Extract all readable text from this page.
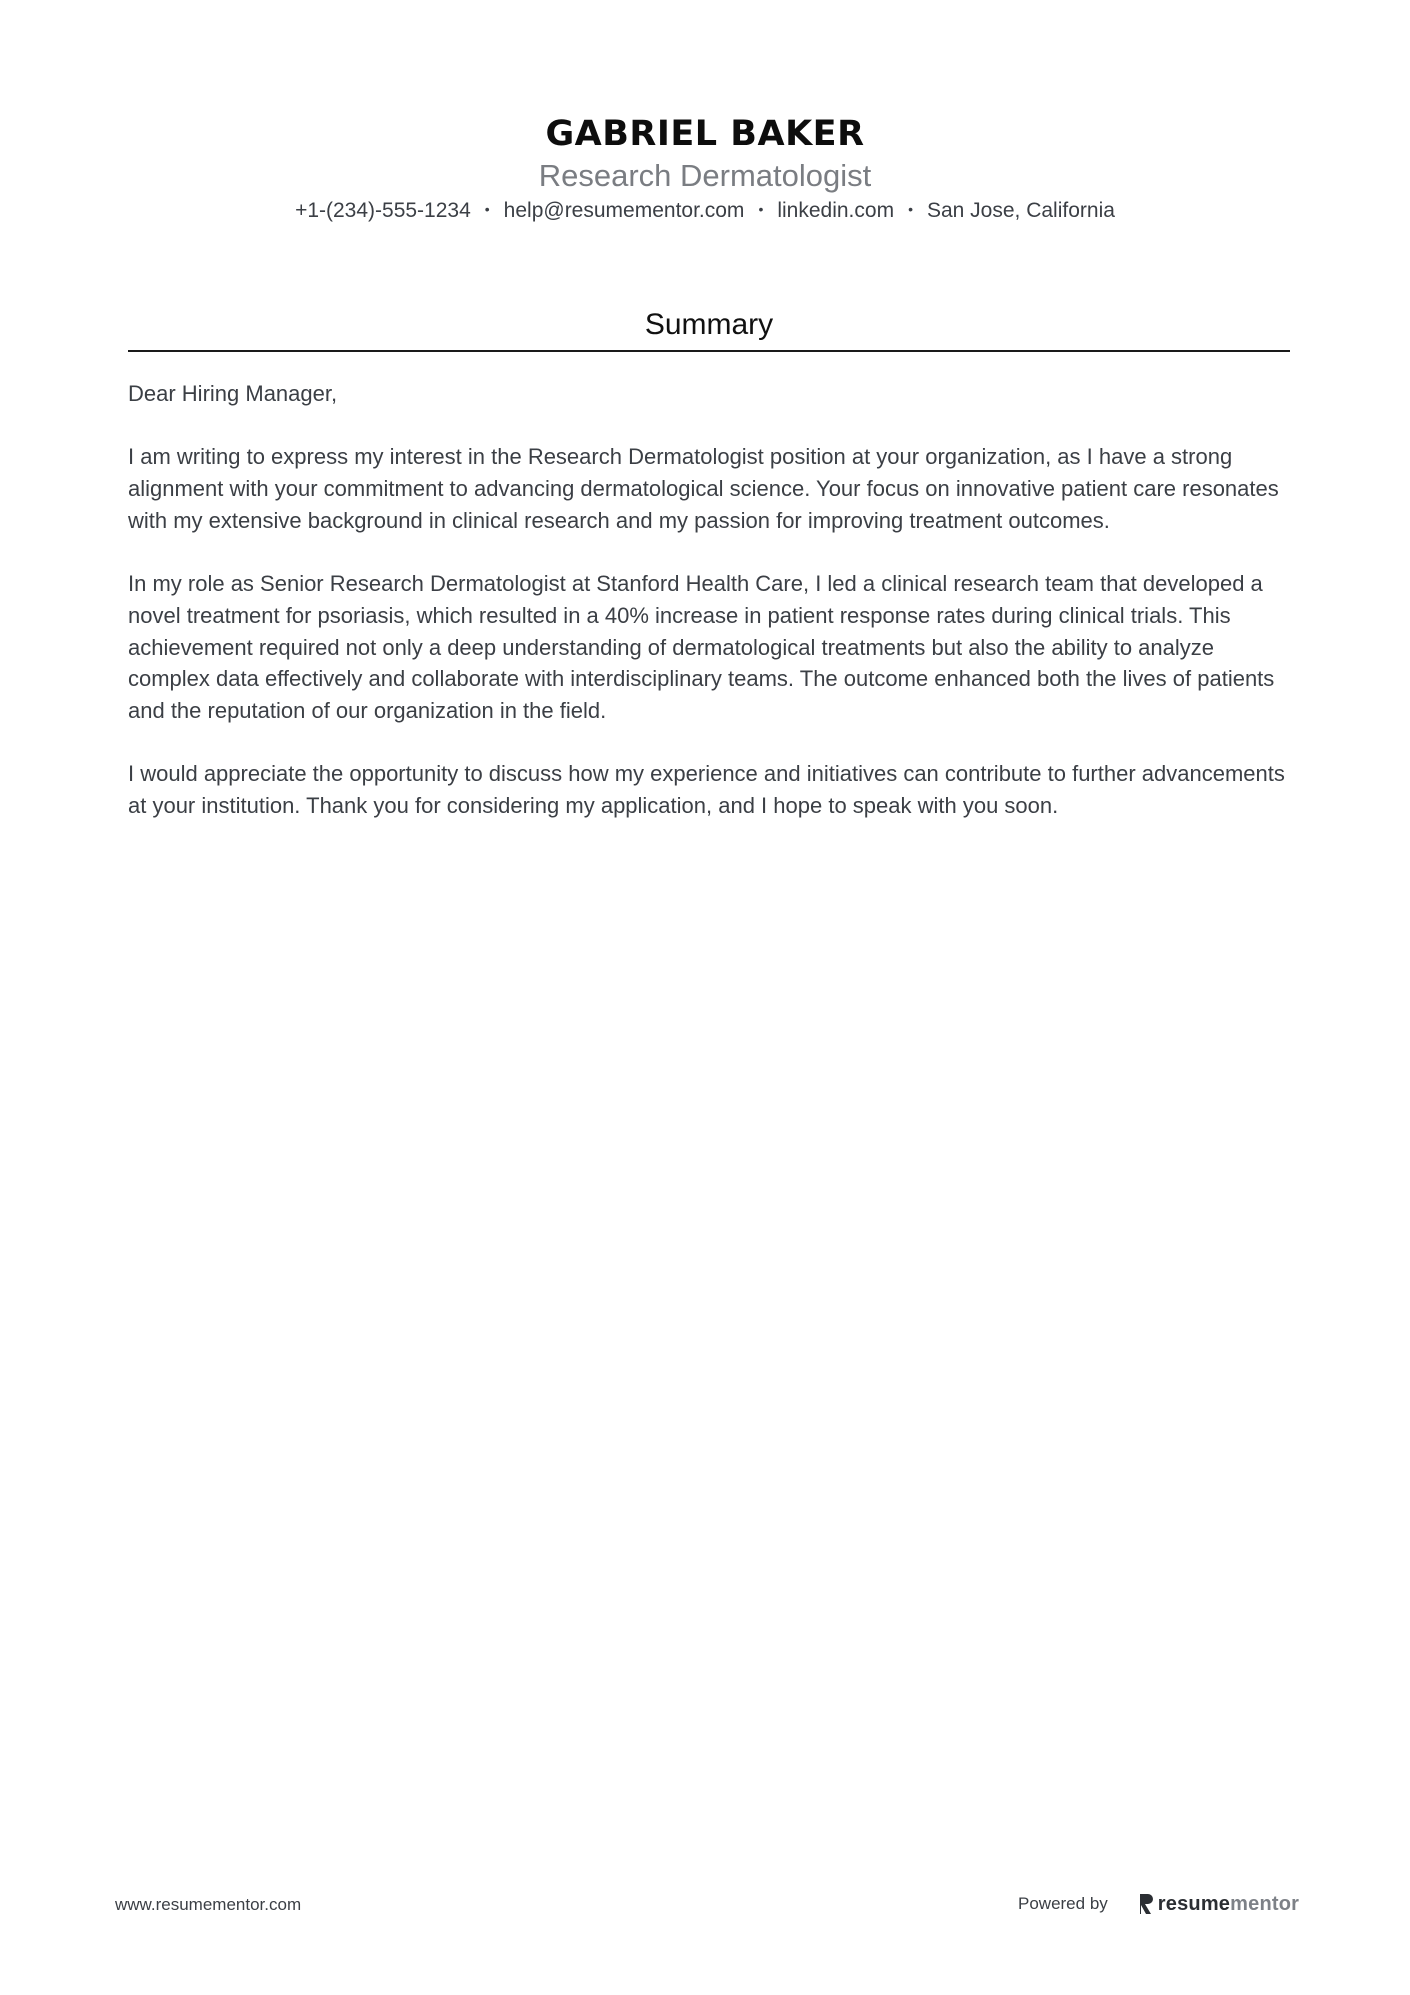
GABRIEL BAKER
Research Dermatologist
+1-(234)-555-1234 • help@resumementor.com • linkedin.com • San Jose, California
Summary

Dear Hiring Manager,

I am writing to express my interest in the Research Dermatologist position at your organization, as I have a strong alignment with your commitment to advancing dermatological science. Your focus on innovative patient care resonates with my extensive background in clinical research and my passion for improving treatment outcomes.

In my role as Senior Research Dermatologist at Stanford Health Care, I led a clinical research team that developed a novel treatment for psoriasis, which resulted in a 40% increase in patient response rates during clinical trials. This achievement required not only a deep understanding of dermatological treatments but also the ability to analyze complex data effectively and collaborate with interdisciplinary teams. The outcome enhanced both the lives of patients and the reputation of our organization in the field.

I would appreciate the opportunity to discuss how my experience and initiatives can contribute to further advancements at your institution. Thank you for considering my application, and I hope to speak with you soon.

www.resumementor.com	Powered by	resumementor
